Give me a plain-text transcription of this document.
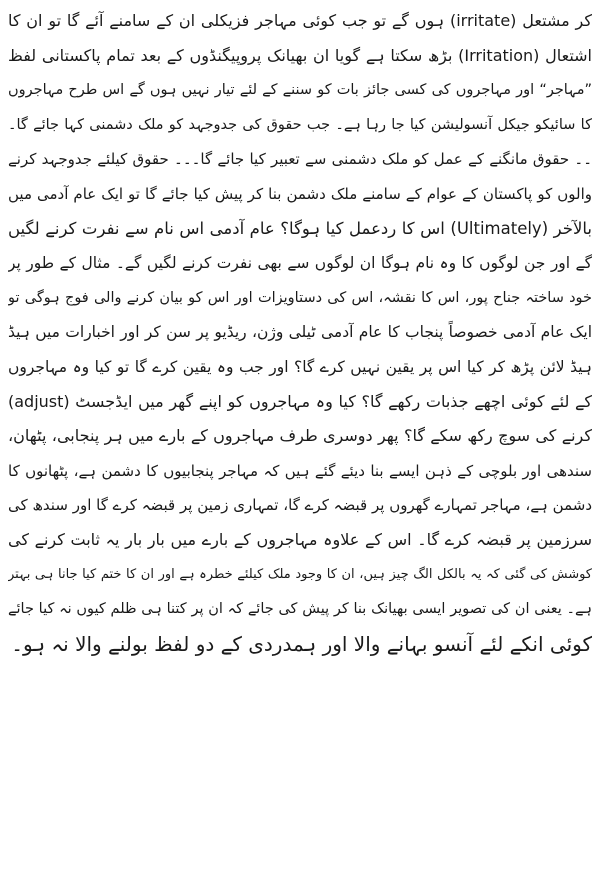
کر مشتعل (irritate) ہوں گے تو جب کوئی مہاجر فزیکلی ان کے سامنے آئے گا تو ان کا
اشتعال (Irritation) بڑھ سکتا ہے گویا ان بھیانک پروپیگنڈوں کے بعد تمام پاکستانی لفظ
”مہاجر“ اور مہاجروں کی کسی جائز بات کو سننے کے لئے تیار نہیں ہوں گے اس طرح مہاجروں
کا سائیکو جیکل آنسولیشن کیا جا رہا ہے۔ جب حقوق کی جدوجہد کو ملک دشمنی کہا جائے گا۔
۔۔ حقوق مانگنے کے عمل کو ملک دشمنی سے تعبیر کیا جائے گا۔۔۔ حقوق کیلئے جدوجہد کرنے
والوں کو پاکستان کے عوام کے سامنے ملک دشمن بنا کر پیش کیا جائے گا تو ایک عام آدمی میں
بالآخر (Ultimately) اس کا ردعمل کیا ہوگا؟ عام آدمی اس نام سے نفرت کرنے لگیں
گے اور جن لوگوں کا وہ نام ہوگا ان لوگوں سے بھی نفرت کرنے لگیں گے۔ مثال کے طور پر
خود ساختہ جناح پور، اس کا نقشہ، اس کی دستاویزات اور اس کو بیان کرنے والی فوج ہوگی تو
ایک عام آدمی خصوصاً پنجاب کا عام آدمی ٹیلی وژن، ریڈیو پر سن کر اور اخبارات میں ہیڈ
ہیڈ لائن پڑھ کر کیا اس پر یقین نہیں کرے گا؟ اور جب وہ یقین کرے گا تو کیا وہ مہاجروں
کے لئے کوئی اچھے جذبات رکھے گا؟ کیا وہ مہاجروں کو اپنے گھر میں ایڈجسٹ (adjust)
کرنے کی سوچ رکھ سکے گا؟ پھر دوسری طرف مہاجروں کے بارے میں ہر پنجابی، پٹھان،
سندھی اور بلوچی کے ذہن ایسے بنا دیئے گئے ہیں کہ مہاجر پنجابیوں کا دشمن ہے، پٹھانوں کا
دشمن ہے، مہاجر تمہارے گھروں پر قبضہ کرے گا، تمہاری زمین پر قبضہ کرے گا اور سندھ کی
سرزمین پر قبضہ کرے گا۔ اس کے علاوہ مہاجروں کے بارے میں بار بار یہ ثابت کرنے کی
کوشش کی گئی کہ یہ بالکل الگ چیز ہیں، ان کا وجود ملک کیلئے خطرہ ہے اور ان کا ختم کیا جانا ہی بہتر
ہے۔ یعنی ان کی تصویر ایسی بھیانک بنا کر پیش کی جائے کہ ان پر کتنا ہی ظلم کیوں نہ کیا جائے
کوئی انکے لئے آنسو بہانے والا اور ہمدردی کے دو لفظ بولنے والا نہ ہو۔
